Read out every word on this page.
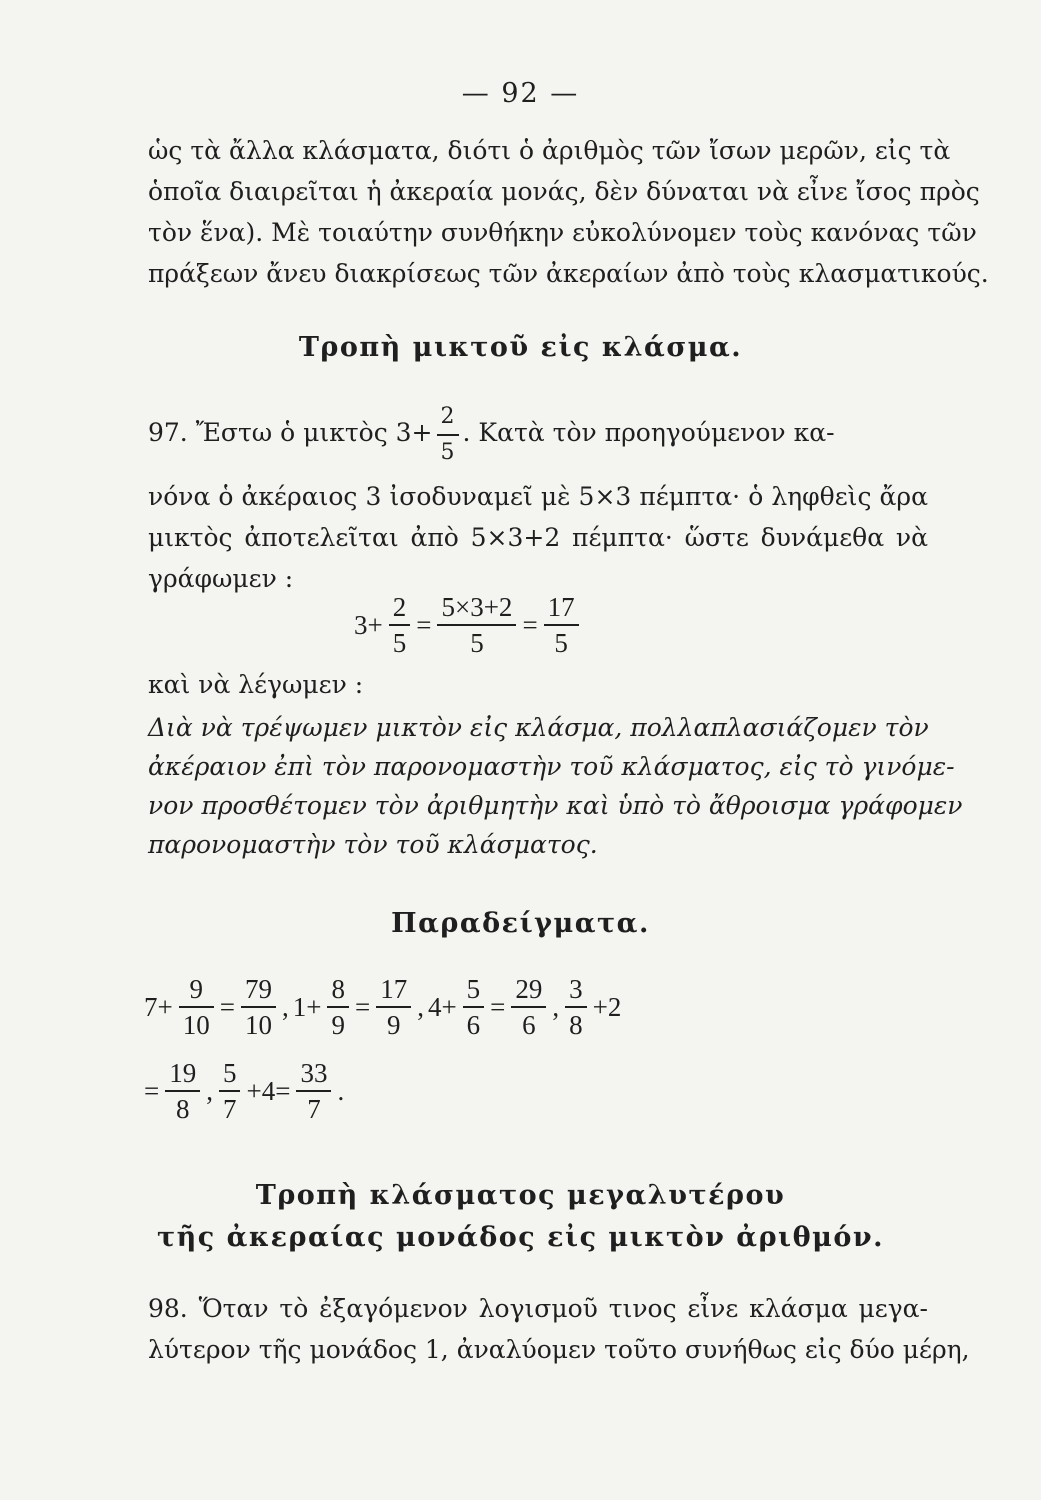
— 92 —
ὡς τὰ ἄλλα κλάσματα, διότι ὁ ἀριθμὸς τῶν ἴσων μερῶν, εἰς τὰ
ὁποῖα διαιρεῖται ἡ ἀκεραία μονάς, δὲν δύναται νὰ εἶνε ἴσος πρὸς
τὸν ἕνα). Μὲ τοιαύτην συνθήκην εὐκολύνομεν τοὺς κανόνας τῶν
πράξεων ἄνευ διακρίσεως τῶν ἀκεραίων ἀπὸ τοὺς κλασματικούς.
Τροπὴ μικτοῦ εἰς κλάσμα.
97. Ἔστω ὁ μικτὸς $3+ \frac{2}{5}$ . Κατὰ τὸν προηγούμενον κα-
νόνα ὁ ἀκέραιος 3 ἰσοδυναμεῖ μὲ 5×3 πέμπτα· ὁ ληφθεὶς ἄρα
μικτὸς ἀποτελεῖται ἀπὸ 5×3+2 πέμπτα· ὥστε δυνάμεθα νὰ
γράφωμεν :
$3+ \frac{2}{5} = \frac{5\times 3+2}{5} = \frac{17}{5}$
καὶ νὰ λέγωμεν :
Διὰ νὰ τρέψωμεν μικτὸν εἰς κλάσμα, πολλαπλασιάζομεν τὸν
ἀκέραιον ἐπὶ τὸν παρονομαστὴν τοῦ κλάσματος, εἰς τὸ γινόμε-
νον προσθέτομεν τὸν ἀριθμητὴν καὶ ὑπὸ τὸ ἄθροισμα γράφομεν
παρονομαστὴν τὸν τοῦ κλάσματος.
Παραδείγματα.
$7+ \frac{9}{10} = \frac{79}{10}$ , $1+ \frac{8}{9} = \frac{17}{9}$ , $4+ \frac{5}{6} = \frac{29}{6}$ , $\frac{3}{8} +2$
= $\frac{19}{8}$ , $\frac{5}{7} +4= \frac{33}{7}$ .
Τροπὴ κλάσματος μεγαλυτέρου
τῆς ἀκεραίας μονάδος εἰς μικτὸν ἀριθμόν.
98. Ὅταν τὸ ἐξαγόμενον λογισμοῦ τινος εἶνε κλάσμα μεγα-
λύτερον τῆς μονάδος 1, ἀναλύομεν τοῦτο συνήθως εἰς δύο μέρη,
